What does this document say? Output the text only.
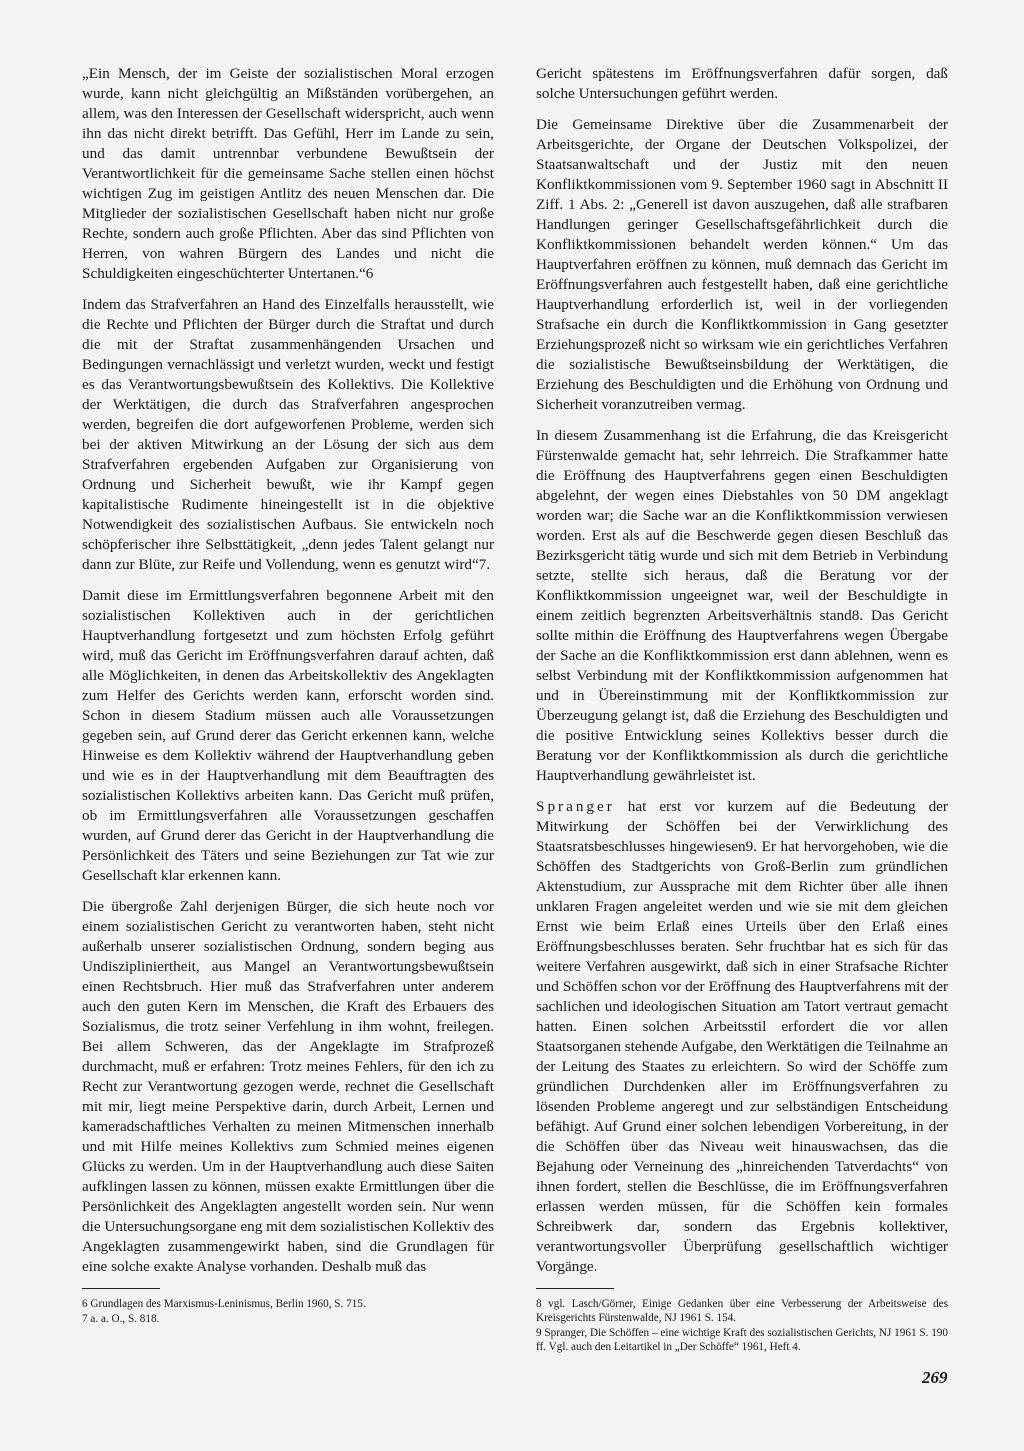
„Ein Mensch, der im Geiste der sozialistischen Moral erzogen wurde, kann nicht gleichgültig an Mißständen vorübergehen, an allem, was den Interessen der Gesellschaft widerspricht, auch wenn ihn das nicht direkt betrifft. Das Gefühl, Herr im Lande zu sein, und das damit untrennbar verbundene Bewußtsein der Verantwortlichkeit für die gemeinsame Sache stellen einen höchst wichtigen Zug im geistigen Antlitz des neuen Menschen dar. Die Mitglieder der sozialistischen Gesellschaft haben nicht nur große Rechte, sondern auch große Pflichten. Aber das sind Pflichten von Herren, von wahren Bürgern des Landes und nicht die Schuldigkeiten eingeschüchterter Untertanen.“6

Indem das Strafverfahren an Hand des Einzelfalls herausstellt, wie die Rechte und Pflichten der Bürger durch die Straftat und durch die mit der Straftat zusammenhängenden Ursachen und Bedingungen vernachlässigt und verletzt wurden, weckt und festigt es das Verantwortungsbewußtsein des Kollektivs. Die Kollektive der Werktätigen, die durch das Strafverfahren angesprochen werden, begreifen die dort aufgeworfenen Probleme, werden sich bei der aktiven Mitwirkung an der Lösung der sich aus dem Strafverfahren ergebenden Aufgaben zur Organisierung von Ordnung und Sicherheit bewußt, wie ihr Kampf gegen kapitalistische Rudimente hineingestellt ist in die objektive Notwendigkeit des sozialistischen Aufbaus. Sie entwickeln noch schöpferischer ihre Selbsttätigkeit, „denn jedes Talent gelangt nur dann zur Blüte, zur Reife und Vollendung, wenn es genutzt wird“7.

Damit diese im Ermittlungsverfahren begonnene Arbeit mit den sozialistischen Kollektiven auch in der gerichtlichen Hauptverhandlung fortgesetzt und zum höchsten Erfolg geführt wird, muß das Gericht im Eröffnungsverfahren darauf achten, daß alle Möglichkeiten, in denen das Arbeitskollektiv des Angeklagten zum Helfer des Gerichts werden kann, erforscht worden sind. Schon in diesem Stadium müssen auch alle Voraussetzungen gegeben sein, auf Grund derer das Gericht erkennen kann, welche Hinweise es dem Kollektiv während der Hauptverhandlung geben und wie es in der Hauptverhandlung mit dem Beauftragten des sozialistischen Kollektivs arbeiten kann. Das Gericht muß prüfen, ob im Ermittlungsverfahren alle Voraussetzungen geschaffen wurden, auf Grund derer das Gericht in der Hauptverhandlung die Persönlichkeit des Täters und seine Beziehungen zur Tat wie zur Gesellschaft klar erkennen kann.

Die übergroße Zahl derjenigen Bürger, die sich heute noch vor einem sozialistischen Gericht zu verantworten haben, steht nicht außerhalb unserer sozialistischen Ordnung, sondern beging aus Undiszipliniertheit, aus Mangel an Verantwortungsbewußtsein einen Rechtsbruch. Hier muß das Strafverfahren unter anderem auch den guten Kern im Menschen, die Kraft des Erbauers des Sozialismus, die trotz seiner Verfehlung in ihm wohnt, freilegen. Bei allem Schweren, das der Angeklagte im Strafprozeß durchmacht, muß er erfahren: Trotz meines Fehlers, für den ich zu Recht zur Verantwortung gezogen werde, rechnet die Gesellschaft mit mir, liegt meine Perspektive darin, durch Arbeit, Lernen und kameradschaftliches Verhalten zu meinen Mitmenschen innerhalb und mit Hilfe meines Kollektivs zum Schmied meines eigenen Glücks zu werden. Um in der Hauptverhandlung auch diese Saiten aufklingen lassen zu können, müssen exakte Ermittlungen über die Persönlichkeit des Angeklagten angestellt worden sein. Nur wenn die Untersuchungsorgane eng mit dem sozialistischen Kollektiv des Angeklagten zusammengewirkt haben, sind die Grundlagen für eine solche exakte Analyse vorhanden. Deshalb muß das

6 Grundlagen des Marxismus-Leninismus, Berlin 1960, S. 715.
7 a. a. O., S. 818.

Gericht spätestens im Eröffnungsverfahren dafür sorgen, daß solche Untersuchungen geführt werden.

Die Gemeinsame Direktive über die Zusammenarbeit der Arbeitsgerichte, der Organe der Deutschen Volkspolizei, der Staatsanwaltschaft und der Justiz mit den neuen Konfliktkommissionen vom 9. September 1960 sagt in Abschnitt II Ziff. 1 Abs. 2: „Generell ist davon auszugehen, daß alle strafbaren Handlungen geringer Gesellschaftsgefährlichkeit durch die Konfliktkommissionen behandelt werden können.“ Um das Hauptverfahren eröffnen zu können, muß demnach das Gericht im Eröffnungsverfahren auch festgestellt haben, daß eine gerichtliche Hauptverhandlung erforderlich ist, weil in der vorliegenden Strafsache ein durch die Konfliktkommission in Gang gesetzter Erziehungsprozeß nicht so wirksam wie ein gerichtliches Verfahren die sozialistische Bewußtseinsbildung der Werktätigen, die Erziehung des Beschuldigten und die Erhöhung von Ordnung und Sicherheit voranzutreiben vermag.

In diesem Zusammenhang ist die Erfahrung, die das Kreisgericht Fürstenwalde gemacht hat, sehr lehrreich. Die Strafkammer hatte die Eröffnung des Hauptverfahrens gegen einen Beschuldigten abgelehnt, der wegen eines Diebstahles von 50 DM angeklagt worden war; die Sache war an die Konfliktkommission verwiesen worden. Erst als auf die Beschwerde gegen diesen Beschluß das Bezirksgericht tätig wurde und sich mit dem Betrieb in Verbindung setzte, stellte sich heraus, daß die Beratung vor der Konfliktkommission ungeeignet war, weil der Beschuldigte in einem zeitlich begrenzten Arbeitsverhältnis stand8. Das Gericht sollte mithin die Eröffnung des Hauptverfahrens wegen Übergabe der Sache an die Konfliktkommission erst dann ablehnen, wenn es selbst Verbindung mit der Konfliktkommission aufgenommen hat und in Übereinstimmung mit der Konfliktkommission zur Überzeugung gelangt ist, daß die Erziehung des Beschuldigten und die positive Entwicklung seines Kollektivs besser durch die Beratung vor der Konfliktkommission als durch die gerichtliche Hauptverhandlung gewährleistet ist.

Spranger hat erst vor kurzem auf die Bedeutung der Mitwirkung der Schöffen bei der Verwirklichung des Staatsratsbeschlusses hingewiesen9. Er hat hervorgehoben, wie die Schöffen des Stadtgerichts von Groß-Berlin zum gründlichen Aktenstudium, zur Aussprache mit dem Richter über alle ihnen unklaren Fragen angeleitet werden und wie sie mit dem gleichen Ernst wie beim Erlaß eines Urteils über den Erlaß eines Eröffnungsbeschlusses beraten. Sehr fruchtbar hat es sich für das weitere Verfahren ausgewirkt, daß sich in einer Strafsache Richter und Schöffen schon vor der Eröffnung des Hauptverfahrens mit der sachlichen und ideologischen Situation am Tatort vertraut gemacht hatten. Einen solchen Arbeitsstil erfordert die vor allen Staatsorganen stehende Aufgabe, den Werktätigen die Teilnahme an der Leitung des Staates zu erleichtern. So wird der Schöffe zum gründlichen Durchdenken aller im Eröffnungsverfahren zu lösenden Probleme angeregt und zur selbständigen Entscheidung befähigt. Auf Grund einer solchen lebendigen Vorbereitung, in der die Schöffen über das Niveau weit hinauswachsen, das die Bejahung oder Verneinung des „hinreichenden Tatverdachts“ von ihnen fordert, stellen die Beschlüsse, die im Eröffnungsverfahren erlassen werden müssen, für die Schöffen kein formales Schreibwerk dar, sondern das Ergebnis kollektiver, verantwortungsvoller Überprüfung gesellschaftlich wichtiger Vorgänge.

8 vgl. Lasch/Görner, Einige Gedanken über eine Verbesserung der Arbeitsweise des Kreisgerichts Fürstenwalde, NJ 1961 S. 154.
9 Spranger, Die Schöffen – eine wichtige Kraft des sozialistischen Gerichts, NJ 1961 S. 190 ff. Vgl. auch den Leitartikel in „Der Schöffe“ 1961, Heft 4.
269
